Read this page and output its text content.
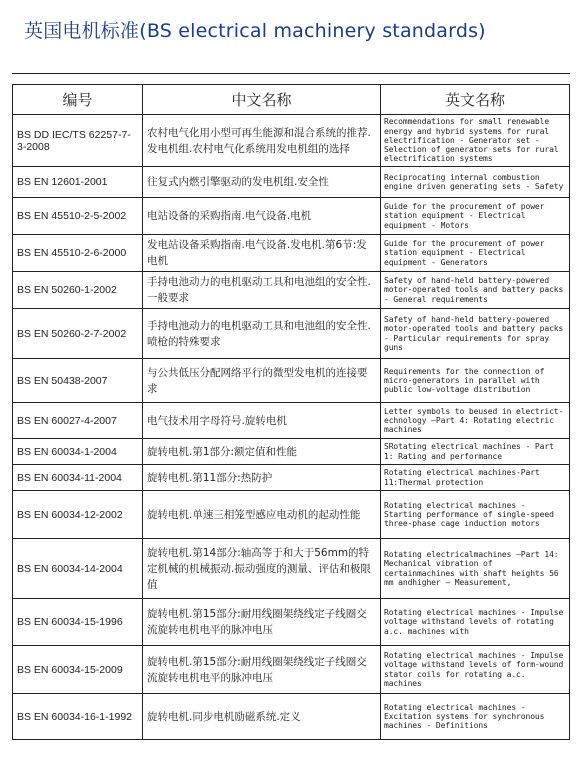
英国电机标准(BS electrical machinery standards)
编号	中文名称	英文名称
BS DD IEC/TS 62257-7-3-2008	农村电气化用小型可再生能源和混合系统的推荐.发电机组.农村电气化系统用发电机组的选择	Recommendations for small renewable energy and hybrid systems for rural electrification - Generator set - Selection of generator sets for rural electrification systems
BS EN 12601-2001	往复式内燃引擎驱动的发电机组.安全性	Reciprocating internal combustion engine driven generating sets - Safety
BS EN 45510-2-5-2002	电站设备的采购指南.电气设备.电机	Guide for the procurement of power station equipment - Electrical equipment - Motors
BS EN 45510-2-6-2000	发电站设备采购指南.电气设备.发电机.第6节:发电机	Guide for the procurement of power station equipment - Electrical equipment - Generators
BS EN 50260-1-2002	手持电池动力的电机驱动工具和电池组的安全性.一般要求	Safety of hand-held battery-powered motor-operated tools and battery packs - General requirements
BS EN 50260-2-7-2002	手持电池动力的电机驱动工具和电池组的安全性.喷枪的特殊要求	Safety of hand-held battery-powered motor-operated tools and battery packs - Particular requirements for spray guns
BS EN 50438-2007	与公共低压分配网络平行的微型发电机的连接要求	Requirements for the connection of micro-generators in parallel with public low-voltage distribution
BS EN 60027-4-2007	电气技术用字母符号.旋转电机	Letter symbols to beused in electrict-echnology —Part 4: Rotating electric machines
BS EN 60034-1-2004	旋转电机.第1部分:额定值和性能	SRotating electrical machines - Part 1: Rating and performance
BS EN 60034-11-2004	旋转电机.第11部分:热防护	Rotating electrical machines-Part 11:Thermal protection
BS EN 60034-12-2002	旋转电机.单速三相笼型感应电动机的起动性能	Rotating electrical machines - Starting performance of single-speed three-phase cage induction motors
BS EN 60034-14-2004	旋转电机.第14部分:轴高等于和大于56mm的特定机械的机械振动.振动强度的测量、评估和极限值	Rotating electricalmachines —Part 14: Mechanical vibration of certainmachines with shaft heights 56 mm andhigher — Measurement,
BS EN 60034-15-1996	旋转电机.第15部分:耐用线圈架绕线定子线圈交流旋转电机电平的脉冲电压	Rotating electrical machines - Impulse voltage withstand levels of rotating a.c. machines with
BS EN 60034-15-2009	旋转电机.第15部分:耐用线圈架绕线定子线圈交流旋转电机电平的脉冲电压	Rotating electrical machines - Impulse voltage withstand levels of form-wound stator coils for rotating a.c. machines
BS EN 60034-16-1-1992	旋转电机.同步电机励磁系统.定义	Rotating electrical machines - Excitation systems for synchronous machines - Definitions
